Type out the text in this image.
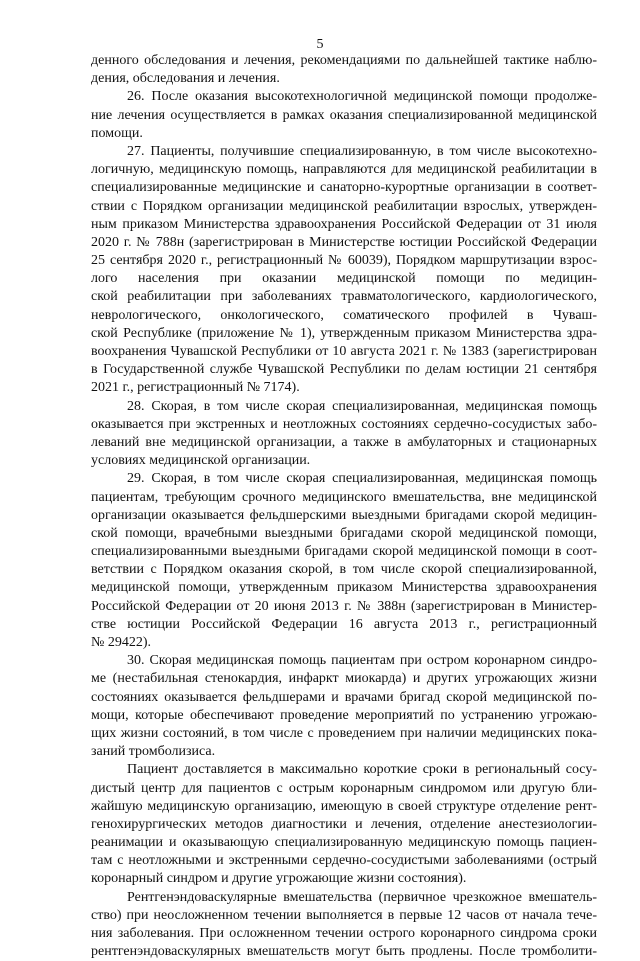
5
денного обследования и лечения, рекомендациями по дальнейшей тактике наблю-
дения, обследования и лечения.
26. После оказания высокотехнологичной медицинской помощи продолже-
ние лечения осуществляется в рамках оказания специализированной медицинской
помощи.
27. Пациенты, получившие специализированную, в том числе высокотехно-
логичную, медицинскую помощь, направляются для медицинской реабилитации в
специализированные медицинские и санаторно-курортные организации в соответ-
ствии с Порядком организации медицинской реабилитации взрослых, утвержден-
ным приказом Министерства здравоохранения Российской Федерации от 31 июля
2020 г. № 788н (зарегистрирован в Министерстве юстиции Российской Федерации
25 сентября 2020 г., регистрационный № 60039), Порядком маршрутизации взрос-
лого населения при оказании медицинской помощи по медицин-
ской реабилитации при заболеваниях травматологического, кардиологического,
неврологического, онкологического, соматического профилей в Чуваш-
ской Республике (приложение № 1), утвержденным приказом Министерства здра-
воохранения Чувашской Республики от 10 августа 2021 г. № 1383 (зарегистрирован
в Государственной службе Чувашской Республики по делам юстиции 21 сентября
2021 г., регистрационный № 7174).
28. Скорая, в том числе скорая специализированная, медицинская помощь
оказывается при экстренных и неотложных состояниях сердечно-сосудистых забо-
леваний вне медицинской организации, а также в амбулаторных и стационарных
условиях медицинской организации.
29. Скорая, в том числе скорая специализированная, медицинская помощь
пациентам, требующим срочного медицинского вмешательства, вне медицинской
организации оказывается фельдшерскими выездными бригадами скорой медицин-
ской помощи, врачебными выездными бригадами скорой медицинской помощи,
специализированными выездными бригадами скорой медицинской помощи в соот-
ветствии с Порядком оказания скорой, в том числе скорой специализированной,
медицинской помощи, утвержденным приказом Министерства здравоохранения
Российской Федерации от 20 июня 2013 г. № 388н (зарегистрирован в Министер-
стве юстиции Российской Федерации 16 августа 2013 г., регистрационный
№ 29422).
30. Скорая медицинская помощь пациентам при остром коронарном синдро-
ме (нестабильная стенокардия, инфаркт миокарда) и других угрожающих жизни
состояниях оказывается фельдшерами и врачами бригад скорой медицинской по-
мощи, которые обеспечивают проведение мероприятий по устранению угрожаю-
щих жизни состояний, в том числе с проведением при наличии медицинских пока-
заний тромболизиса.
Пациент доставляется в максимально короткие сроки в региональный сосу-
дистый центр для пациентов с острым коронарным синдромом или другую бли-
жайшую медицинскую организацию, имеющую в своей структуре отделение рент-
генохирургических методов диагностики и лечения, отделение анестезиологии-
реанимации и оказывающую специализированную медицинскую помощь пациен-
там с неотложными и экстренными сердечно-сосудистыми заболеваниями (острый
коронарный синдром и другие угрожающие жизни состояния).
Рентгенэндоваскулярные вмешательства (первичное чрезкожное вмешатель-
ство) при неосложненном течении выполняется в первые 12 часов от начала тече-
ния заболевания. При осложненном течении острого коронарного синдрома сроки
рентгенэндоваскулярных вмешательств могут быть продлены. После тромболити-
